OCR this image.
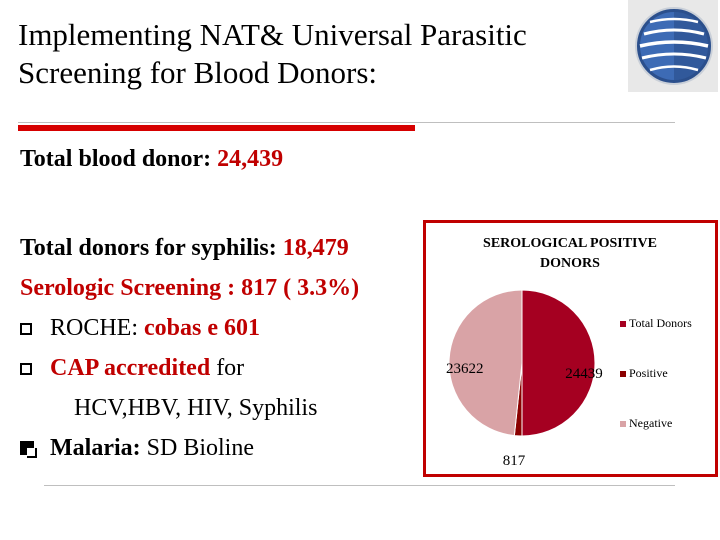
Implementing NAT& Universal Parasitic
Screening for Blood Donors:
Total blood donor: 24,439
Total donors for syphilis: 18,479
Serologic Screening : 817 ( 3.3%)
ROCHE: cobas e 601
CAP accredited for
HCV,HBV, HIV, Syphilis
Malaria: SD Bioline
SEROLOGICAL POSITIVE
DONORS
24439
817
23622
Total Donors
Positive
Negative
